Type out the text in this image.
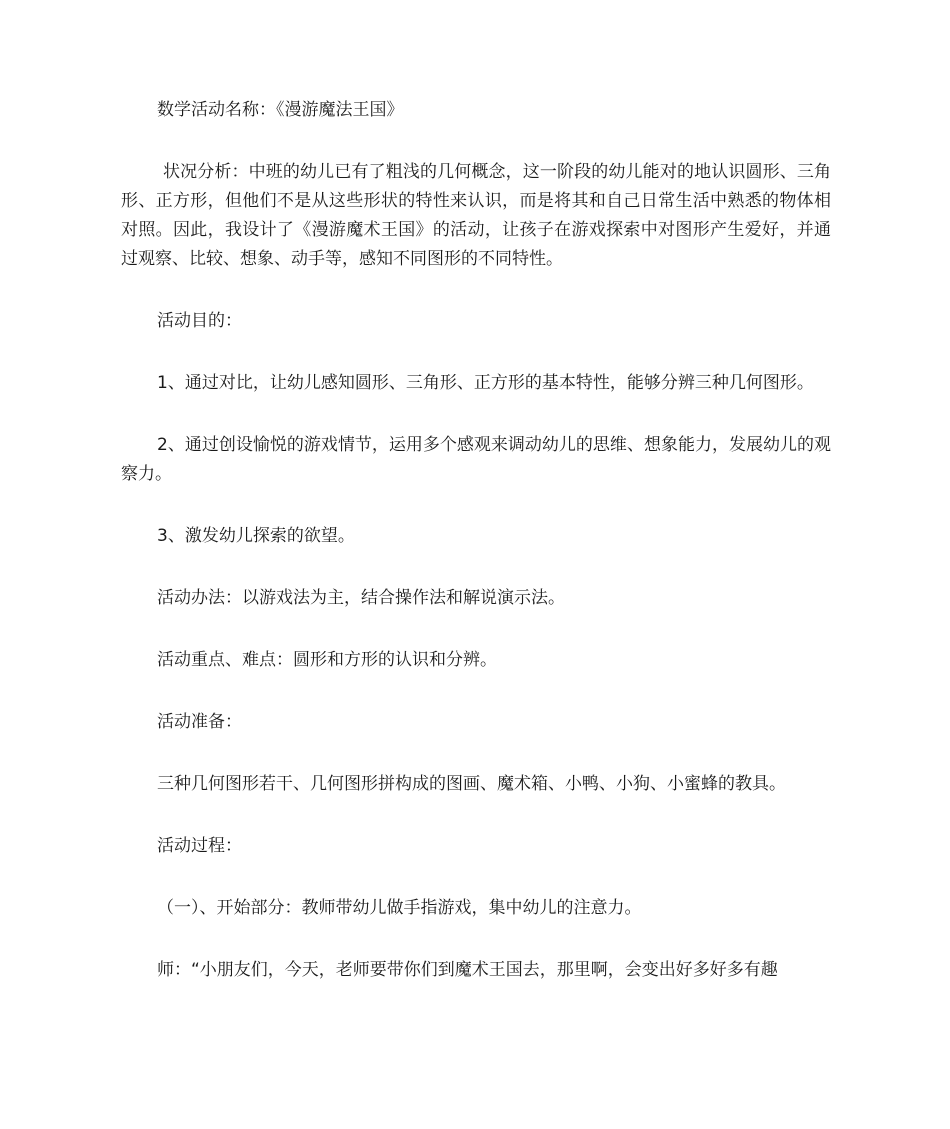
数学活动名称：《漫游魔法王国》

状况分析：中班的幼儿已有了粗浅的几何概念，这一阶段的幼儿能对的地认识圆形、三角形、正方形，但他们不是从这些形状的特性来认识，而是将其和自己日常生活中熟悉的物体相对照。因此，我设计了《漫游魔术王国》的活动，让孩子在游戏探索中对图形产生爱好，并通过观察、比较、想象、动手等，感知不同图形的不同特性。

活动目的：

1、通过对比，让幼儿感知圆形、三角形、正方形的基本特性，能够分辨三种几何图形。

2、通过创设愉悦的游戏情节，运用多个感观来调动幼儿的思维、想象能力，发展幼儿的观察力。

3、激发幼儿探索的欲望。

活动办法：以游戏法为主，结合操作法和解说演示法。

活动重点、难点：圆形和方形的认识和分辨。

活动准备：

三种几何图形若干、几何图形拼构成的图画、魔术箱、小鸭、小狗、小蜜蜂的教具。

活动过程：

（一）、开始部分：教师带幼儿做手指游戏，集中幼儿的注意力。

师：“小朋友们，今天，老师要带你们到魔术王国去，那里啊，会变出好多好多有趣
